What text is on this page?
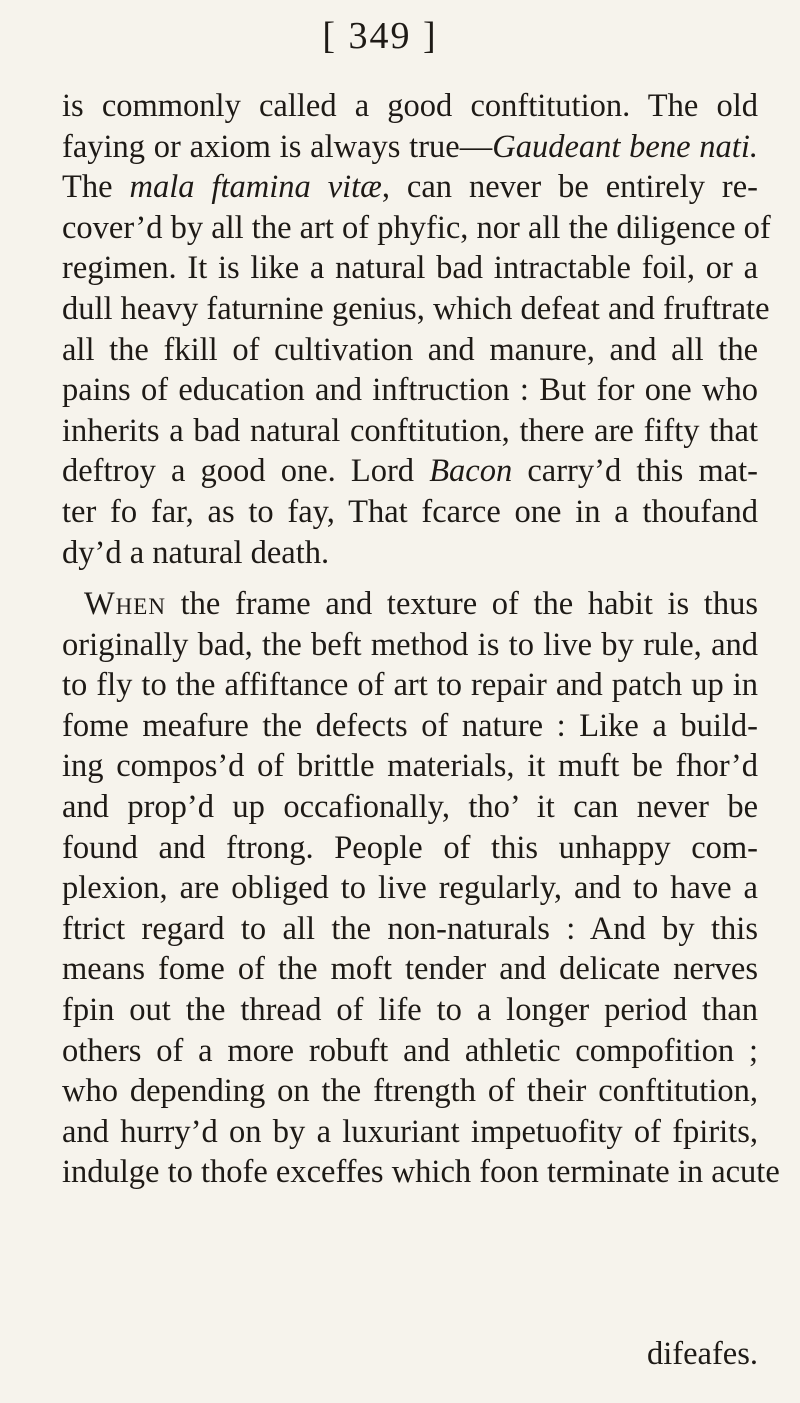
[ 349 ]
is commonly called a good conftitution. The old
faying or axiom is always true—Gaudeant bene nati.
The mala ftamina vitæ, can never be entirely re-
cover’d by all the art of phyfic, nor all the diligence of
regimen. It is like a natural bad intractable foil, or a
dull heavy faturnine genius, which defeat and fruftrate
all the fkill of cultivation and manure, and all the
pains of education and inftruction : But for one who
inherits a bad natural conftitution, there are fifty that
deftroy a good one. Lord Bacon carry’d this mat-
ter fo far, as to fay, That fcarce one in a thoufand
dy’d a natural death.
When the frame and texture of the habit is thus
originally bad, the beft method is to live by rule, and
to fly to the affiftance of art to repair and patch up in
fome meafure the defects of nature : Like a build-
ing compos’d of brittle materials, it muft be fhor’d
and prop’d up occafionally, tho’ it can never be
found and ftrong. People of this unhappy com-
plexion, are obliged to live regularly, and to have a
ftrict regard to all the non-naturals : And by this
means fome of the moft tender and delicate nerves
fpin out the thread of life to a longer period than
others of a more robuft and athletic compofition ;
who depending on the ftrength of their conftitution,
and hurry’d on by a luxuriant impetuofity of fpirits,
indulge to thofe exceffes which foon terminate in acute
difeafes.
